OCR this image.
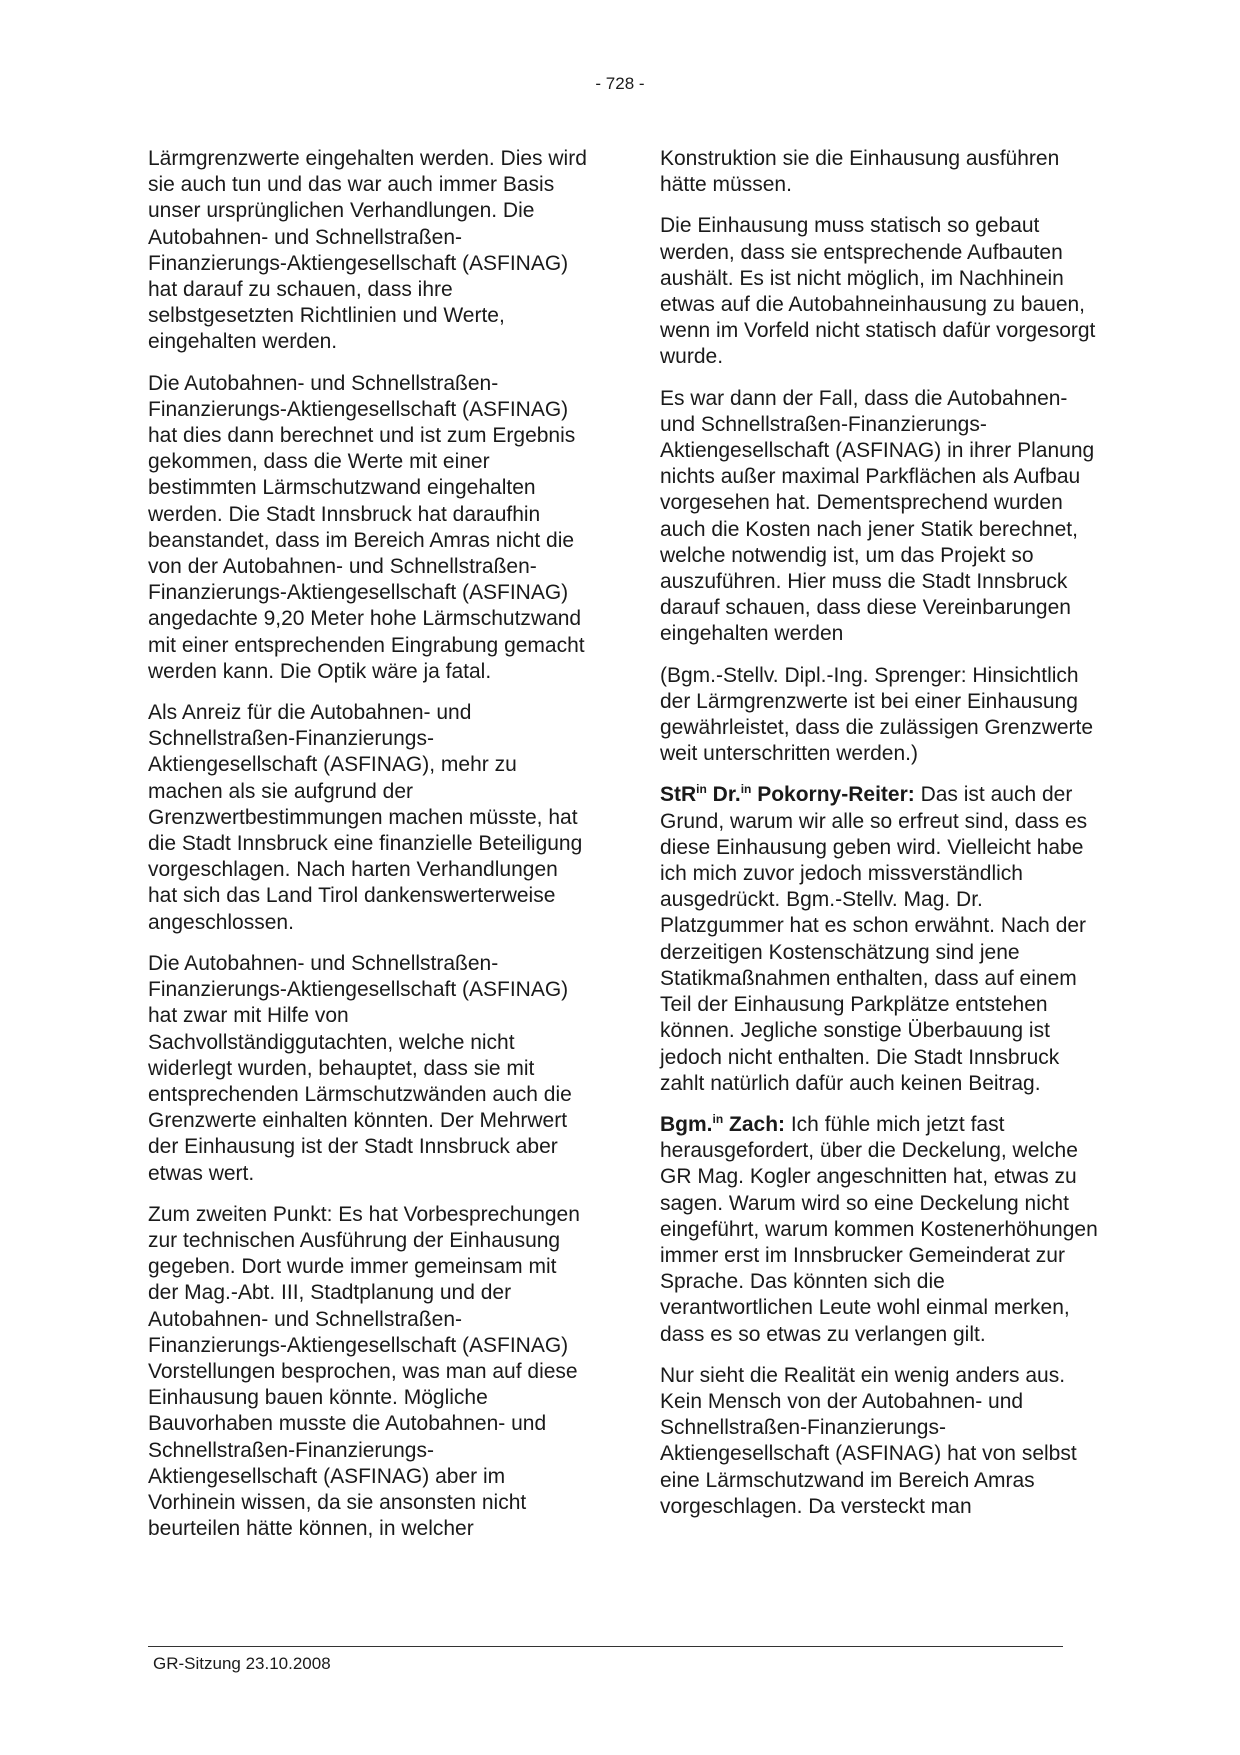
- 728 -

Lärmgrenzwerte eingehalten werden. Dies wird sie auch tun und das war auch immer Basis unser ursprünglichen Verhandlungen. Die Autobahnen- und Schnellstraßen-Finanzierungs-Aktiengesellschaft (ASFINAG) hat darauf zu schauen, dass ihre selbstgesetzten Richtlinien und Werte, eingehalten werden.

Die Autobahnen- und Schnellstraßen-Finanzierungs-Aktiengesellschaft (ASFINAG) hat dies dann berechnet und ist zum Ergebnis gekommen, dass die Werte mit einer bestimmten Lärmschutzwand eingehalten werden. Die Stadt Innsbruck hat daraufhin beanstandet, dass im Bereich Amras nicht die von der Autobahnen- und Schnellstraßen-Finanzierungs-Aktiengesellschaft (ASFINAG) angedachte 9,20 Meter hohe Lärmschutzwand mit einer entsprechenden Eingrabung gemacht werden kann. Die Optik wäre ja fatal.

Als Anreiz für die Autobahnen- und Schnellstraßen-Finanzierungs-Aktiengesellschaft (ASFINAG), mehr zu machen als sie aufgrund der Grenzwertbestimmungen machen müsste, hat die Stadt Innsbruck eine finanzielle Beteiligung vorgeschlagen. Nach harten Verhandlungen hat sich das Land Tirol dankenswerterweise angeschlossen.

Die Autobahnen- und Schnellstraßen-Finanzierungs-Aktiengesellschaft (ASFINAG) hat zwar mit Hilfe von Sachvollständiggutachten, welche nicht widerlegt wurden, behauptet, dass sie mit entsprechenden Lärmschutzwänden auch die Grenzwerte einhalten könnten. Der Mehrwert der Einhausung ist der Stadt Innsbruck aber etwas wert.

Zum zweiten Punkt: Es hat Vorbesprechungen zur technischen Ausführung der Einhausung gegeben. Dort wurde immer gemeinsam mit der Mag.-Abt. III, Stadtplanung und der Autobahnen- und Schnellstraßen-Finanzierungs-Aktiengesellschaft (ASFINAG) Vorstellungen besprochen, was man auf diese Einhausung bauen könnte. Mögliche Bauvorhaben musste die Autobahnen- und Schnellstraßen-Finanzierungs-Aktiengesellschaft (ASFINAG) aber im Vorhinein wissen, da sie ansonsten nicht beurteilen hätte können, in welcher

Konstruktion sie die Einhausung ausführen hätte müssen.

Die Einhausung muss statisch so gebaut werden, dass sie entsprechende Aufbauten aushält. Es ist nicht möglich, im Nachhinein etwas auf die Autobahneinhausung zu bauen, wenn im Vorfeld nicht statisch dafür vorgesorgt wurde.

Es war dann der Fall, dass die Autobahnen- und Schnellstraßen-Finanzierungs-Aktiengesellschaft (ASFINAG) in ihrer Planung nichts außer maximal Parkflächen als Aufbau vorgesehen hat. Dementsprechend wurden auch die Kosten nach jener Statik berechnet, welche notwendig ist, um das Projekt so auszuführen. Hier muss die Stadt Innsbruck darauf schauen, dass diese Vereinbarungen eingehalten werden

(Bgm.-Stellv. Dipl.-Ing. Sprenger: Hinsichtlich der Lärmgrenzwerte ist bei einer Einhausung gewährleistet, dass die zulässigen Grenzwerte weit unterschritten werden.)

StR$^{in}$ Dr.$^{in}$ Pokorny-Reiter: Das ist auch der Grund, warum wir alle so erfreut sind, dass es diese Einhausung geben wird. Vielleicht habe ich mich zuvor jedoch missverständlich ausgedrückt. Bgm.-Stellv. Mag. Dr. Platzgummer hat es schon erwähnt. Nach der derzeitigen Kostenschätzung sind jene Statikmaßnahmen enthalten, dass auf einem Teil der Einhausung Parkplätze entstehen können. Jegliche sonstige Überbauung ist jedoch nicht enthalten. Die Stadt Innsbruck zahlt natürlich dafür auch keinen Beitrag.

Bgm.$^{in}$ Zach: Ich fühle mich jetzt fast herausgefordert, über die Deckelung, welche GR Mag. Kogler angeschnitten hat, etwas zu sagen. Warum wird so eine Deckelung nicht eingeführt, warum kommen Kostenerhöhungen immer erst im Innsbrucker Gemeinderat zur Sprache. Das könnten sich die verantwortlichen Leute wohl einmal merken, dass es so etwas zu verlangen gilt.

Nur sieht die Realität ein wenig anders aus. Kein Mensch von der Autobahnen- und Schnellstraßen-Finanzierungs-Aktiengesellschaft (ASFINAG) hat von selbst eine Lärmschutzwand im Bereich Amras vorgeschlagen. Da versteckt man

GR-Sitzung 23.10.2008
